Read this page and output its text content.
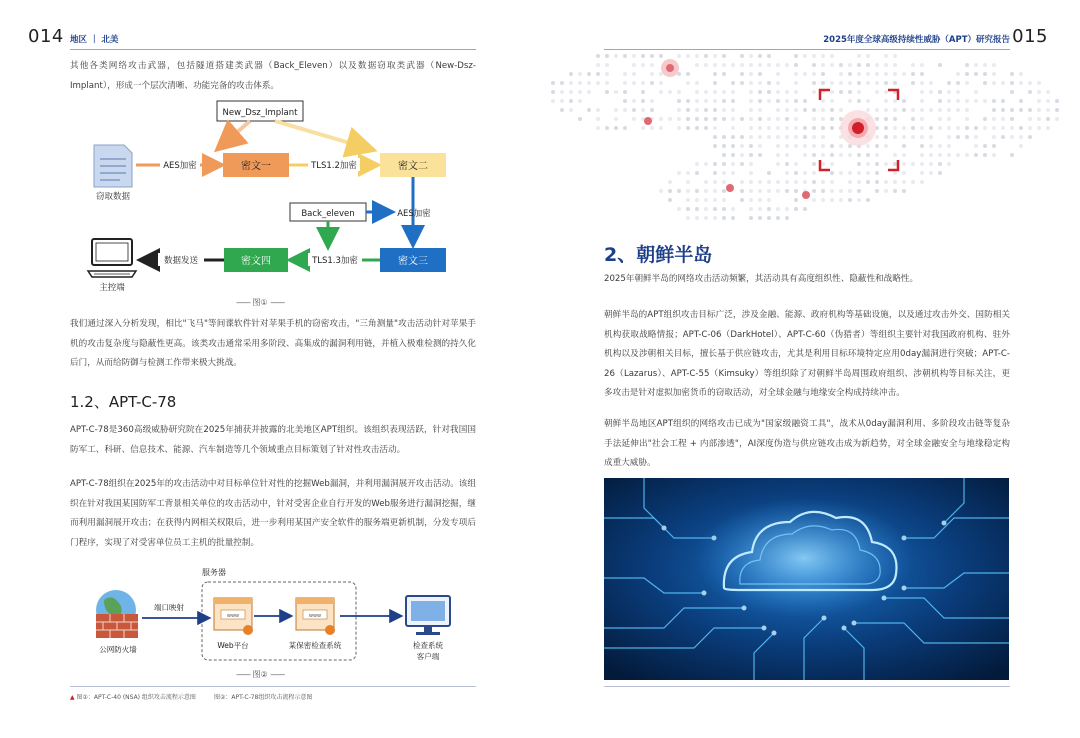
014 地区 ｜ 北美
其他各类网络攻击武器，包括隧道搭建类武器（Back_Eleven）以及数据窃取类武器（New-Dsz-Implant），形成一个层次清晰、功能完备的攻击体系。
New_Dsz_Implant
窃取数据
AES加密	密文一	TLS1.2加密	密文二
Back_eleven	AES加密
密文三
TLS1.3加密
密文四
数据发送
主控端
—— 图① ——
我们通过深入分析发现，相比"飞马"等间谍软件针对苹果手机的窃密攻击，"三角测量"攻击活动针对苹果手机的攻击复杂度与隐蔽性更高。该类攻击通常采用多阶段、高集成的漏洞利用链，并植入极难检测的持久化后门，从而给防御与检测工作带来极大挑战。
1.2、APT-C-78
APT-C-78是360高级威胁研究院在2025年捕获并披露的北美地区APT组织。该组织表现活跃，针对我国国防军工、科研、信息技术、能源、汽车制造等几个领域重点目标策划了针对性攻击活动。
APT-C-78组织在2025年的攻击活动中对目标单位针对性的挖掘Web漏洞，并利用漏洞展开攻击活动。该组织在针对我国某国防军工背景相关单位的攻击活动中，针对受害企业自行开发的Web服务进行漏洞挖掘，继而利用漏洞展开攻击；在获得内网相关权限后，进一步利用某国产安全软件的服务端更新机制，分发专项后门程序，实现了对受害单位员工主机的批量控制。
服务器
公网防火墙
端口映射
www
Web平台
www
某保密检查系统	检查系统
客户端
—— 图② ——
▲ 图①：APT-C-40 (NSA) 组织攻击流程示意图	图②：APT-C-78组织攻击流程示意图
2025年度全球高级持续性威胁（APT）研究报告 015
2、朝鲜半岛
2025年朝鲜半岛的网络攻击活动频繁，其活动具有高度组织性、隐蔽性和战略性。
朝鲜半岛的APT组织攻击目标广泛，涉及金融、能源、政府机构等基础设施，以及通过攻击外交、国防相关机构获取战略情报；APT-C-06（DarkHotel）、APT-C-60（伪猎者）等组织主要针对我国政府机构、驻外机构以及涉朝相关目标，擅长基于供应链攻击，尤其是利用目标环境特定应用0day漏洞进行突破；APT-C-26（Lazarus）、APT-C-55（Kimsuky）等组织除了对朝鲜半岛周围政府组织、涉朝机构等目标关注，更多攻击是针对虚拟加密货币的窃取活动，对全球金融与地缘安全构成持续冲击。
朝鲜半岛地区APT组织的网络攻击已成为"国家级融资工具"，战术从0day漏洞利用、多阶段攻击链等复杂手法延伸出"社会工程 + 内部渗透"，AI深度伪造与供应链攻击成为新趋势，对全球金融安全与地缘稳定构成重大威胁。
